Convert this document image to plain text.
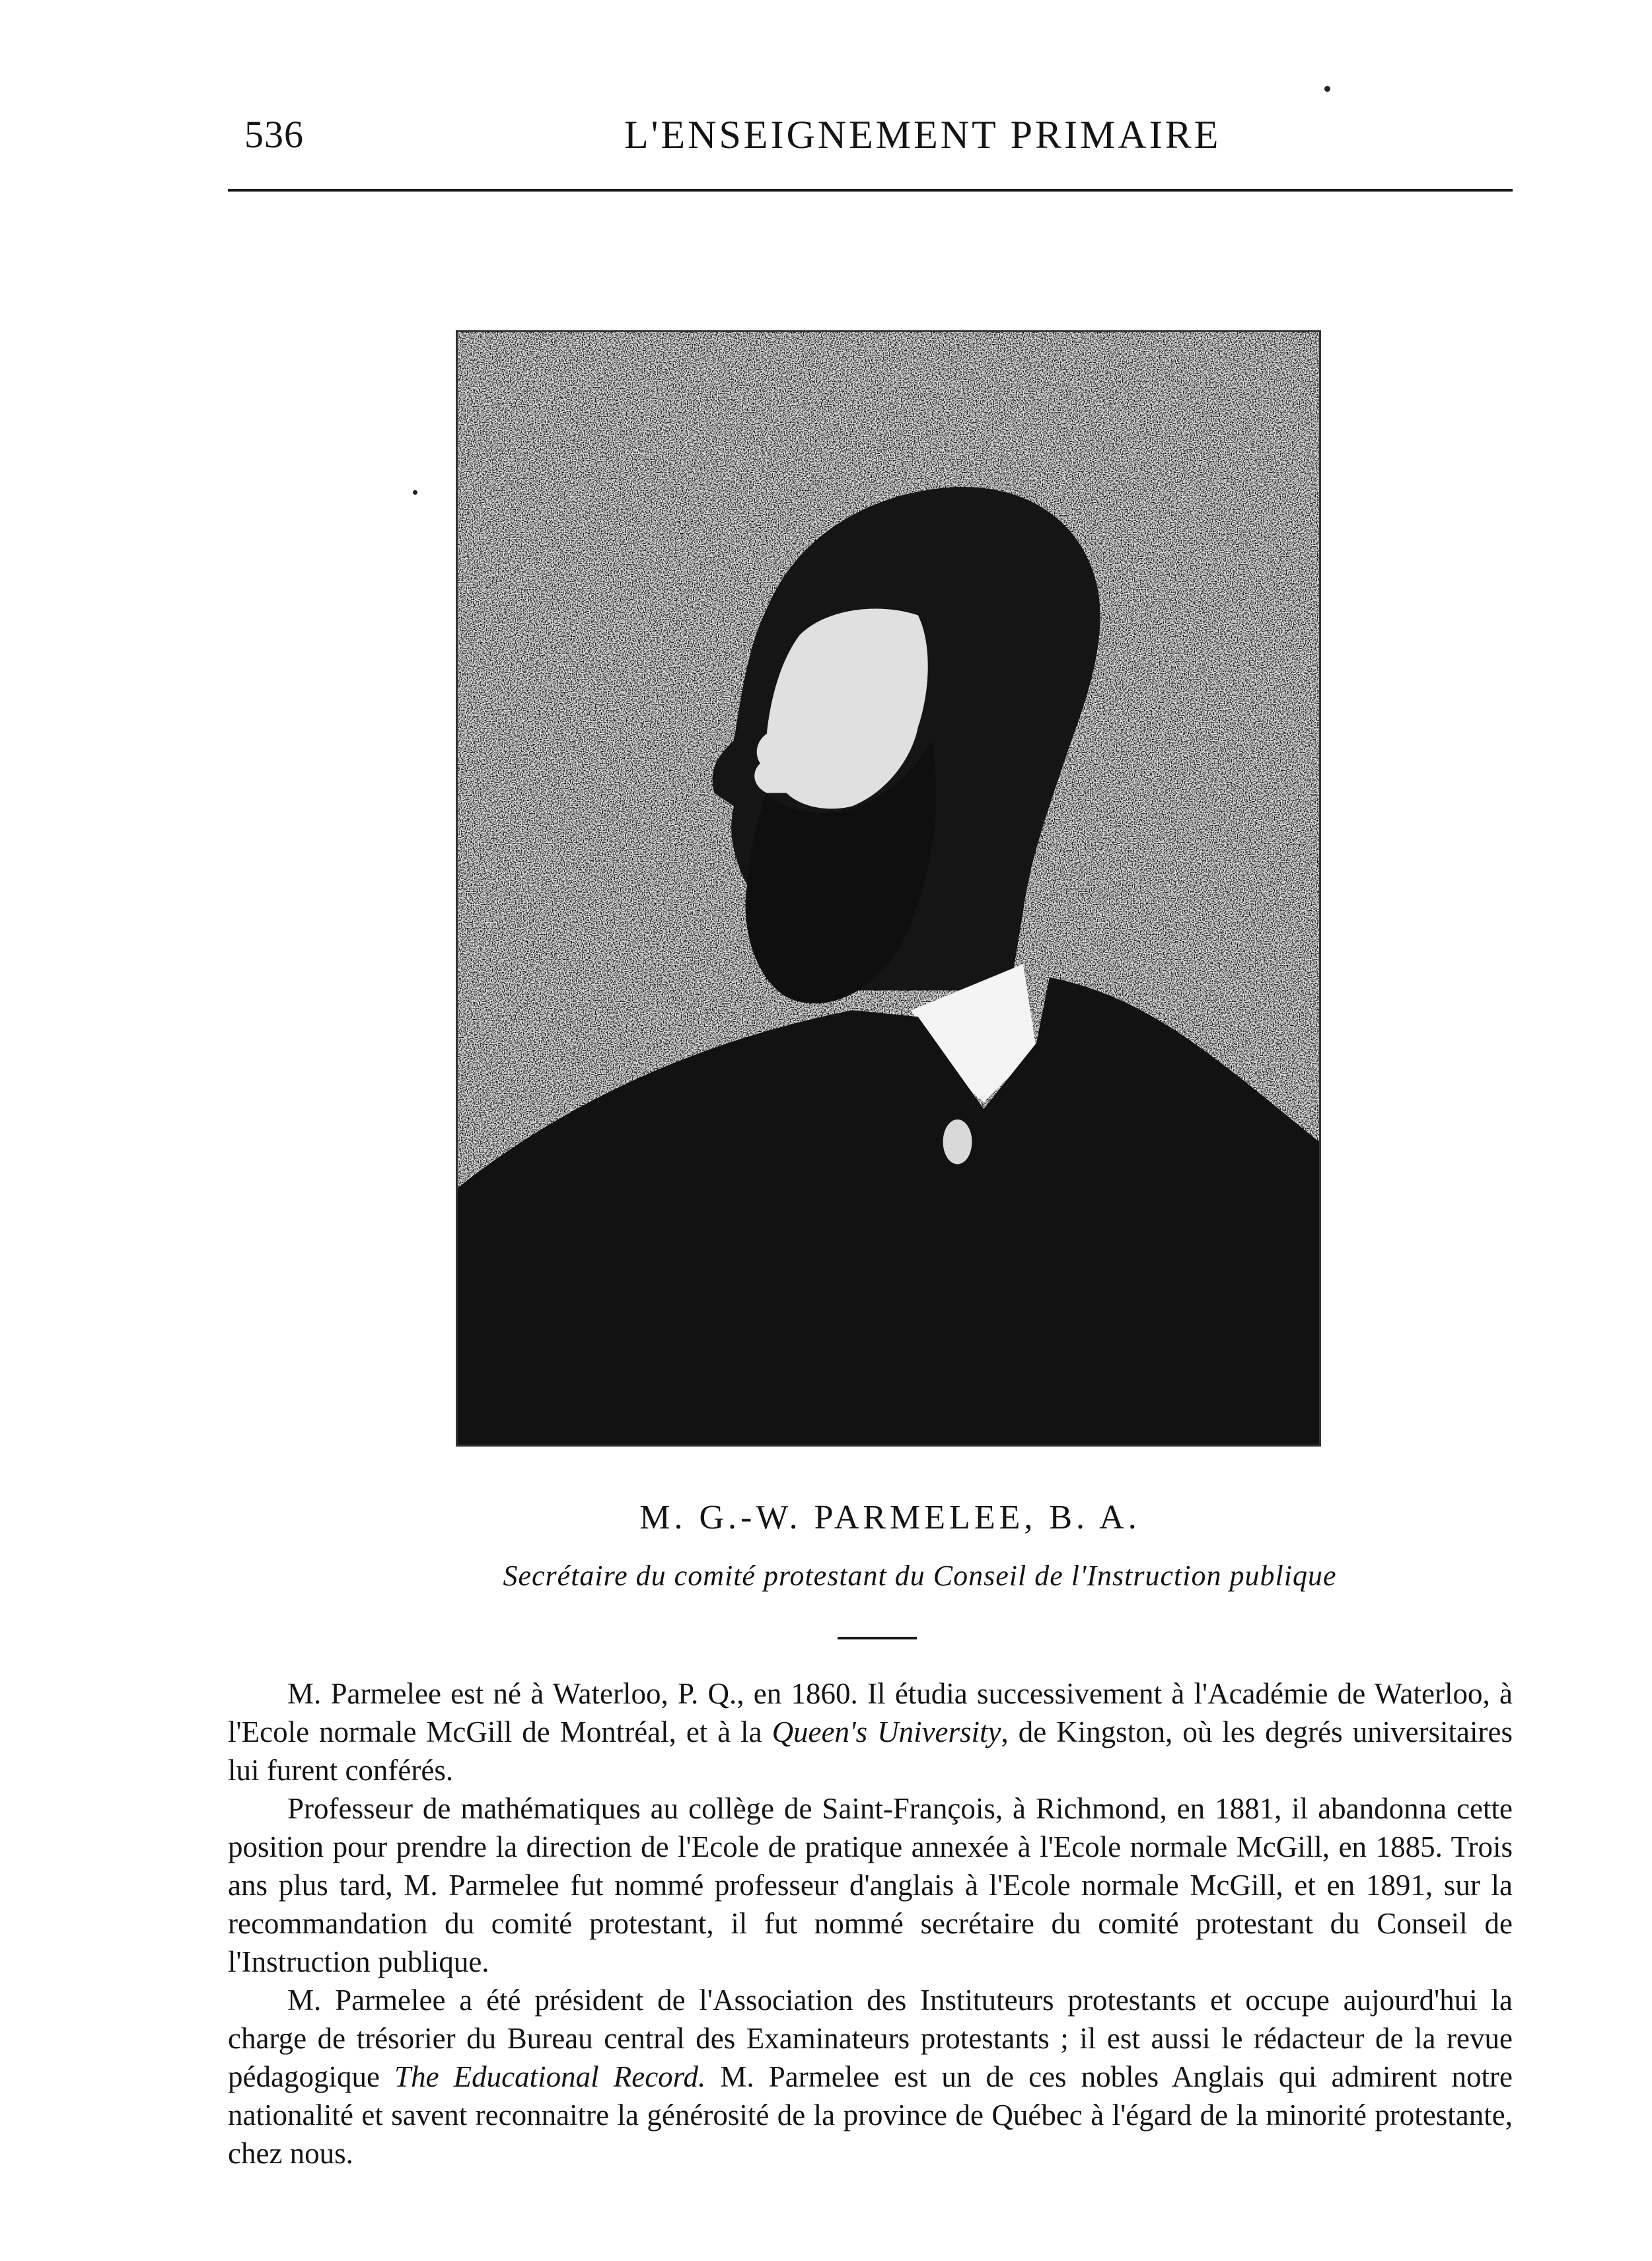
536	L'ENSEIGNEMENT PRIMAIRE
M. G.-W. PARMELEE, B. A.
Secrétaire du comité protestant du Conseil de l'Instruction publique

M. Parmelee est né à Waterloo, P. Q., en 1860. Il étudia successivement à l'Académie de Waterloo, à l'Ecole normale McGill de Montréal, et à la Queen's University, de Kingston, où les degrés universitaires lui furent conférés.

Professeur de mathématiques au collège de Saint-François, à Richmond, en 1881, il abandonna cette position pour prendre la direction de l'Ecole de pratique annexée à l'Ecole normale McGill, en 1885. Trois ans plus tard, M. Parmelee fut nommé professeur d'anglais à l'Ecole normale McGill, et en 1891, sur la recommandation du comité protestant, il fut nommé secrétaire du comité protestant du Conseil de l'Instruction publique.

M. Parmelee a été président de l'Association des Instituteurs protestants et occupe aujourd'hui la charge de trésorier du Bureau central des Examinateurs protestants ; il est aussi le rédacteur de la revue pédagogique The Educational Record. M. Parmelee est un de ces nobles Anglais qui admirent notre nationalité et savent reconnaitre la générosité de la province de Québec à l'égard de la minorité protestante, chez nous.
